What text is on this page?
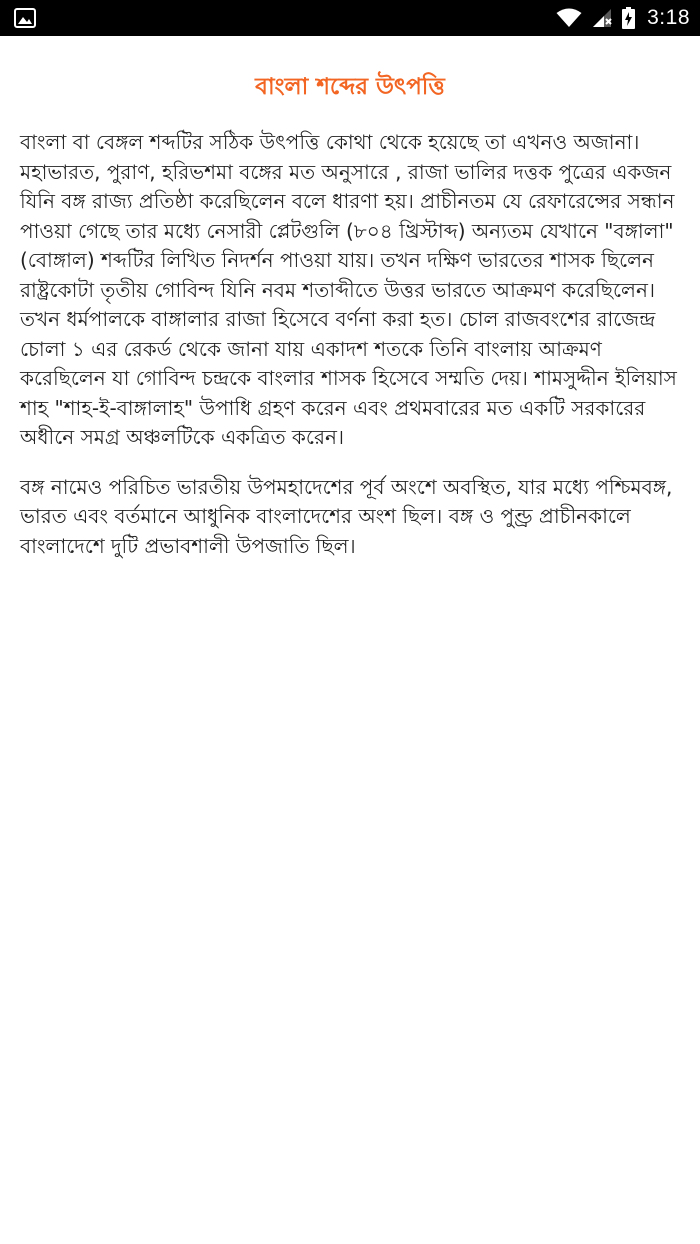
3:18
বাংলা শব্দের উৎপত্তি

বাংলা বা বেঙ্গল শব্দটির সঠিক উৎপত্তি কোথা থেকে হয়েছে তা এখনও অজানা। মহাভারত, পুরাণ, হরিভশমা বঙ্গের মত অনুসারে , রাজা ভালির দত্তক পুত্রের একজন যিনি বঙ্গ রাজ্য প্রতিষ্ঠা করেছিলেন বলে ধারণা হয়। প্রাচীনতম যে রেফারেন্সের সন্ধান পাওয়া গেছে তার মধ্যে নেসারী প্লেটগুলি (৮০৪ খ্রিস্টাব্দ) অন্যতম যেখানে "বঙ্গালা" (বোঙ্গাল) শব্দটির লিখিত নিদর্শন পাওয়া যায়। তখন দক্ষিণ ভারতের শাসক ছিলেন রাষ্ট্রকোটা তৃতীয় গোবিন্দ যিনি নবম শতাব্দীতে উত্তর ভারতে আক্রমণ করেছিলেন। তখন ধর্মপালকে বাঙ্গালার রাজা হিসেবে বর্ণনা করা হত। চোল রাজবংশের রাজেন্দ্র চোলা ১ এর রেকর্ড থেকে জানা যায় একাদশ শতকে তিনি বাংলায় আক্রমণ করেছিলেন যা গোবিন্দ চন্দ্রকে বাংলার শাসক হিসেবে সম্মতি দেয়। শামসুদ্দীন ইলিয়াস শাহ "শাহ-ই-বাঙ্গালাহ" উপাধি গ্রহণ করেন এবং প্রথমবারের মত একটি সরকারের অধীনে সমগ্র অঞ্চলটিকে একত্রিত করেন।

বঙ্গ নামেও পরিচিত ভারতীয় উপমহাদেশের পূর্ব অংশে অবস্থিত, যার মধ্যে পশ্চিমবঙ্গ, ভারত এবং বর্তমানে আধুনিক বাংলাদেশের অংশ ছিল। বঙ্গ ও পুণ্ড্র প্রাচীনকালে বাংলাদেশে দুটি প্রভাবশালী উপজাতি ছিল।
